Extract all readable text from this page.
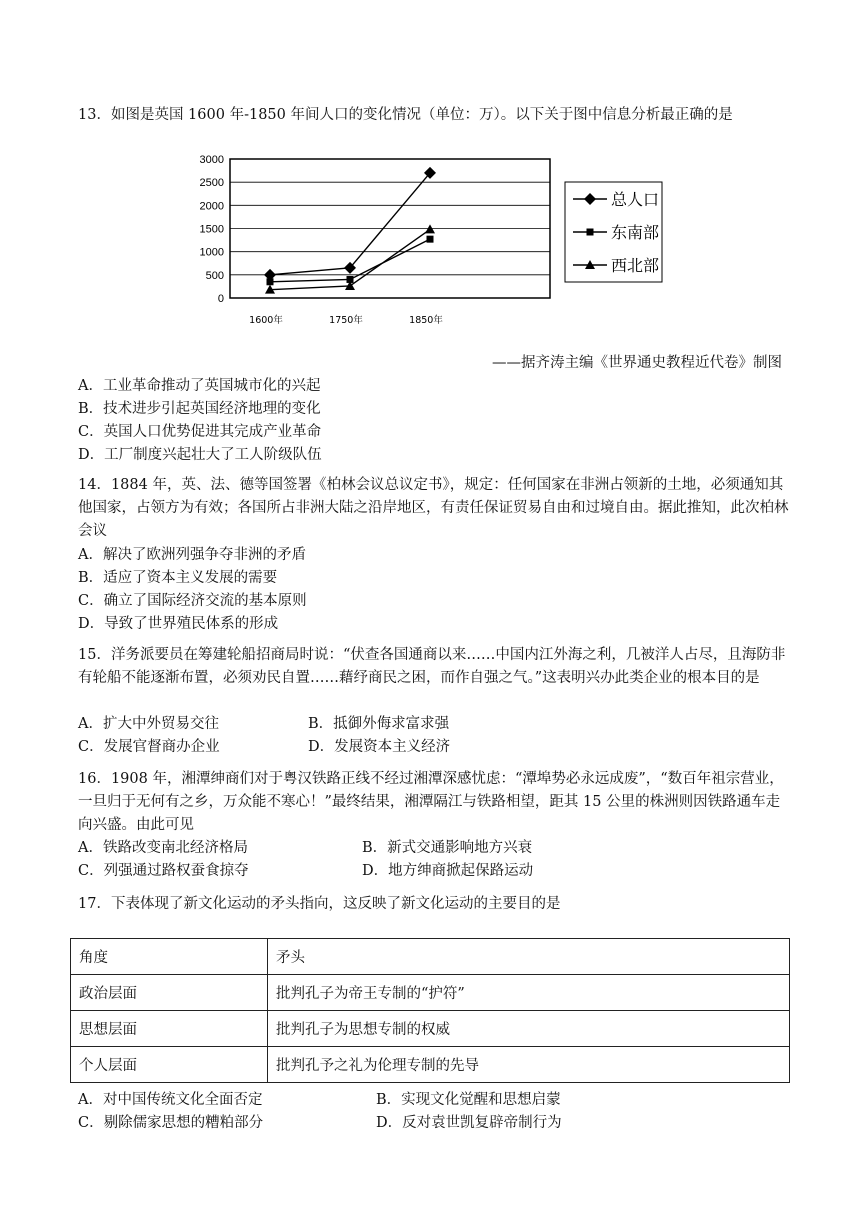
13．如图是英国 1600 年-1850 年间人口的变化情况（单位：万）。以下关于图中信息分析最正确的是
0
500
1000
1500
2000
2500
3000
1600年	1750年	1850年
总人口
东南部
西北部
——据齐涛主编《世界通史教程近代卷》制图
A．工业革命推动了英国城市化的兴起
B．技术进步引起英国经济地理的变化
C．英国人口优势促进其完成产业革命
D．工厂制度兴起壮大了工人阶级队伍
14．1884 年，英、法、德等国签署《柏林会议总议定书》，规定：任何国家在非洲占领新的土地，必须通知其他国家，占领方为有效；各国所占非洲大陆之沿岸地区，有责任保证贸易自由和过境自由。据此推知，此次柏林会议
A．解决了欧洲列强争夺非洲的矛盾
B．适应了资本主义发展的需要
C．确立了国际经济交流的基本原则
D．导致了世界殖民体系的形成
15．洋务派要员在筹建轮船招商局时说：“伏查各国通商以来……中国内江外海之利，几被洋人占尽，且海防非有轮船不能逐渐布置，必须劝民自置……藉纾商民之困，而作自强之气。”这表明兴办此类企业的根本目的是
A．扩大中外贸易交往	B．抵御外侮求富求强
C．发展官督商办企业	D．发展资本主义经济
16．1908 年，湘潭绅商们对于粤汉铁路正线不经过湘潭深感忧虑：“潭埠势必永远成废”，“数百年祖宗营业，一旦归于无何有之乡，万众能不寒心！”最终结果，湘潭隔江与铁路相望，距其 15 公里的株洲则因铁路通车走向兴盛。由此可见
A．铁路改变南北经济格局	B．新式交通影响地方兴衰
C．列强通过路权蚕食掠夺	D．地方绅商掀起保路运动
17．下表体现了新文化运动的矛头指向，这反映了新文化运动的主要目的是
角度	矛头
政治层面	批判孔子为帝王专制的“护符”
思想层面	批判孔子为思想专制的权威
个人层面	批判孔予之礼为伦理专制的先导
A．对中国传统文化全面否定	B．实现文化觉醒和思想启蒙
C．剔除儒家思想的糟粕部分	D．反对袁世凯复辟帝制行为
